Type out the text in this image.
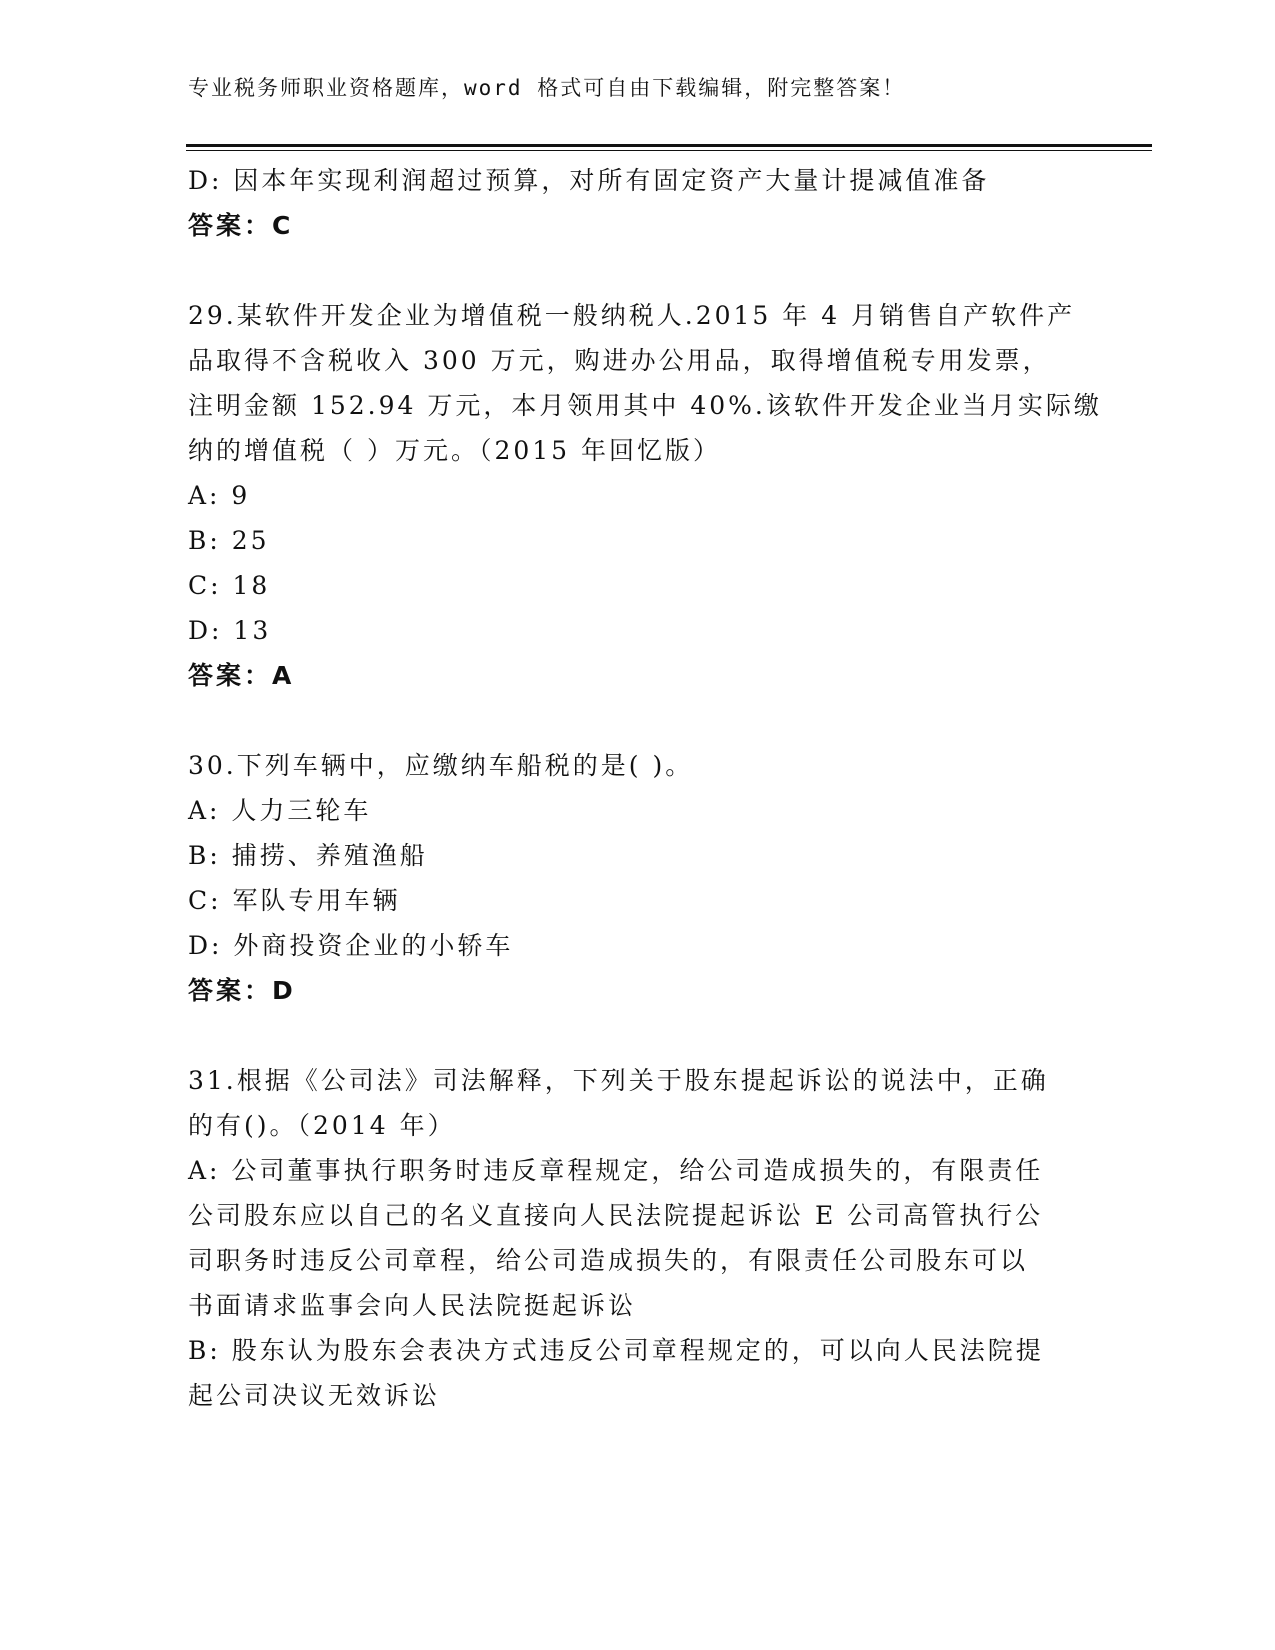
专业税务师职业资格题库，word 格式可自由下载编辑，附完整答案！
D: 因本年实现利润超过预算，对所有固定资产大量计提减值准备
答案：C
29.某软件开发企业为增值税一般纳税人.2015 年 4 月销售自产软件产
品取得不含税收入 300 万元，购进办公用品，取得增值税专用发票，
注明金额 152.94 万元，本月领用其中 40%.该软件开发企业当月实际缴
纳的增值税（ ）万元。（2015 年回忆版）
A: 9
B: 25
C: 18
D: 13
答案：A
30.下列车辆中，应缴纳车船税的是( )。
A: 人力三轮车
B: 捕捞、养殖渔船
C: 军队专用车辆
D: 外商投资企业的小轿车
答案：D
31.根据《公司法》司法解释，下列关于股东提起诉讼的说法中，正确
的有()。（2014 年）
A: 公司董事执行职务时违反章程规定，给公司造成损失的，有限责任
公司股东应以自己的名义直接向人民法院提起诉讼 E 公司高管执行公
司职务时违反公司章程，给公司造成损失的，有限责任公司股东可以
书面请求监事会向人民法院挺起诉讼
B: 股东认为股东会表决方式违反公司章程规定的，可以向人民法院提
起公司决议无效诉讼
